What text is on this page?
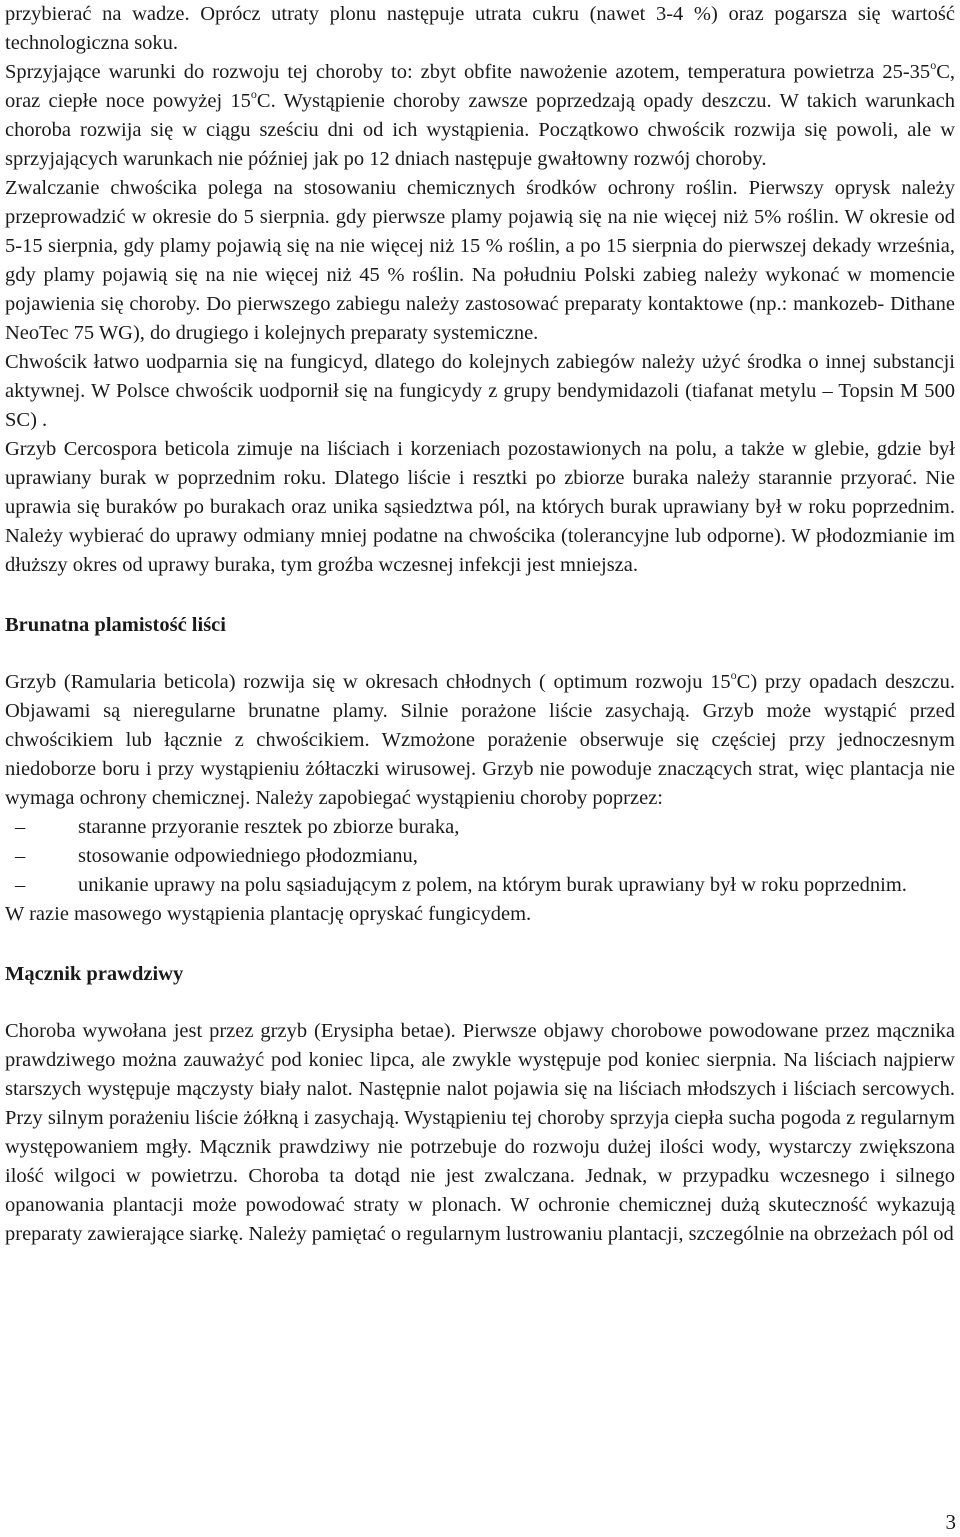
przybierać na wadze. Oprócz utraty plonu następuje utrata cukru (nawet 3-4 %) oraz pogarsza się wartość technologiczna soku.

Sprzyjające warunki do rozwoju tej choroby to: zbyt obfite nawożenie azotem, temperatura powietrza 25-35$^o$C, oraz ciepłe noce powyżej 15$^o$C. Wystąpienie choroby zawsze poprzedzają opady deszczu. W takich warunkach choroba rozwija się w ciągu sześciu dni od ich wystąpienia. Początkowo chwościk rozwija się powoli, ale w sprzyjających warunkach nie później jak po 12 dniach następuje gwałtowny rozwój choroby.

Zwalczanie chwościka polega na stosowaniu chemicznych środków ochrony roślin. Pierwszy oprysk należy przeprowadzić w okresie do 5 sierpnia. gdy pierwsze plamy pojawią się na nie więcej niż 5% roślin. W okresie od 5-15 sierpnia, gdy plamy pojawią się na nie więcej niż 15 % roślin, a po 15 sierpnia do pierwszej dekady września, gdy plamy pojawią się na nie więcej niż 45 % roślin. Na południu Polski zabieg należy wykonać w momencie pojawienia się choroby. Do pierwszego zabiegu należy zastosować preparaty kontaktowe (np.: mankozeb- Dithane NeoTec 75 WG), do drugiego i kolejnych preparaty systemiczne.

Chwościk łatwo uodparnia się na fungicyd, dlatego do kolejnych zabiegów należy użyć środka o innej substancji aktywnej. W Polsce chwościk uodpornił się na fungicydy z grupy bendymidazoli (tiafanat metylu – Topsin M 500 SC) .

Grzyb Cercospora beticola zimuje na liściach i korzeniach pozostawionych na polu, a także w glebie, gdzie był uprawiany burak w poprzednim roku. Dlatego liście i resztki po zbiorze buraka należy starannie przyorać. Nie uprawia się buraków po burakach oraz unika sąsiedztwa pól, na których burak uprawiany był w roku poprzednim. Należy wybierać do uprawy odmiany mniej podatne na chwościka (tolerancyjne lub odporne). W płodozmianie im dłuższy okres od uprawy buraka, tym groźba wczesnej infekcji jest mniejsza.

Brunatna plamistość liści

Grzyb (Ramularia beticola) rozwija się w okresach chłodnych ( optimum rozwoju 15$^o$C) przy opadach deszczu. Objawami są nieregularne brunatne plamy. Silnie porażone liście zasychają. Grzyb może wystąpić przed chwościkiem lub łącznie z chwościkiem. Wzmożone porażenie obserwuje się częściej przy jednoczesnym niedoborze boru i przy wystąpieniu żółtaczki wirusowej. Grzyb nie powoduje znaczących strat, więc plantacja nie wymaga ochrony chemicznej. Należy zapobiegać wystąpieniu choroby poprzez:

–	staranne przyoranie resztek po zbiorze buraka,
–	stosowanie odpowiedniego płodozmianu,
–	unikanie uprawy na polu sąsiadującym z polem, na którym burak uprawiany był w roku poprzednim.

W razie masowego wystąpienia plantację opryskać fungicydem.

Mącznik prawdziwy

Choroba wywołana jest przez grzyb (Erysipha betae). Pierwsze objawy chorobowe powodowane przez mącznika prawdziwego można zauważyć pod koniec lipca, ale zwykle występuje pod koniec sierpnia. Na liściach najpierw starszych występuje mączysty biały nalot. Następnie nalot pojawia się na liściach młodszych i liściach sercowych. Przy silnym porażeniu liście żółkną i zasychają. Wystąpieniu tej choroby sprzyja ciepła sucha pogoda z regularnym występowaniem mgły. Mącznik prawdziwy nie potrzebuje do rozwoju dużej ilości wody, wystarczy zwiększona ilość wilgoci w powietrzu. Choroba ta dotąd nie jest zwalczana. Jednak, w przypadku wczesnego i silnego opanowania plantacji może powodować straty w plonach. W ochronie chemicznej dużą skuteczność wykazują preparaty zawierające siarkę. Należy pamiętać o regularnym lustrowaniu plantacji, szczególnie na obrzeżach pól od

3
